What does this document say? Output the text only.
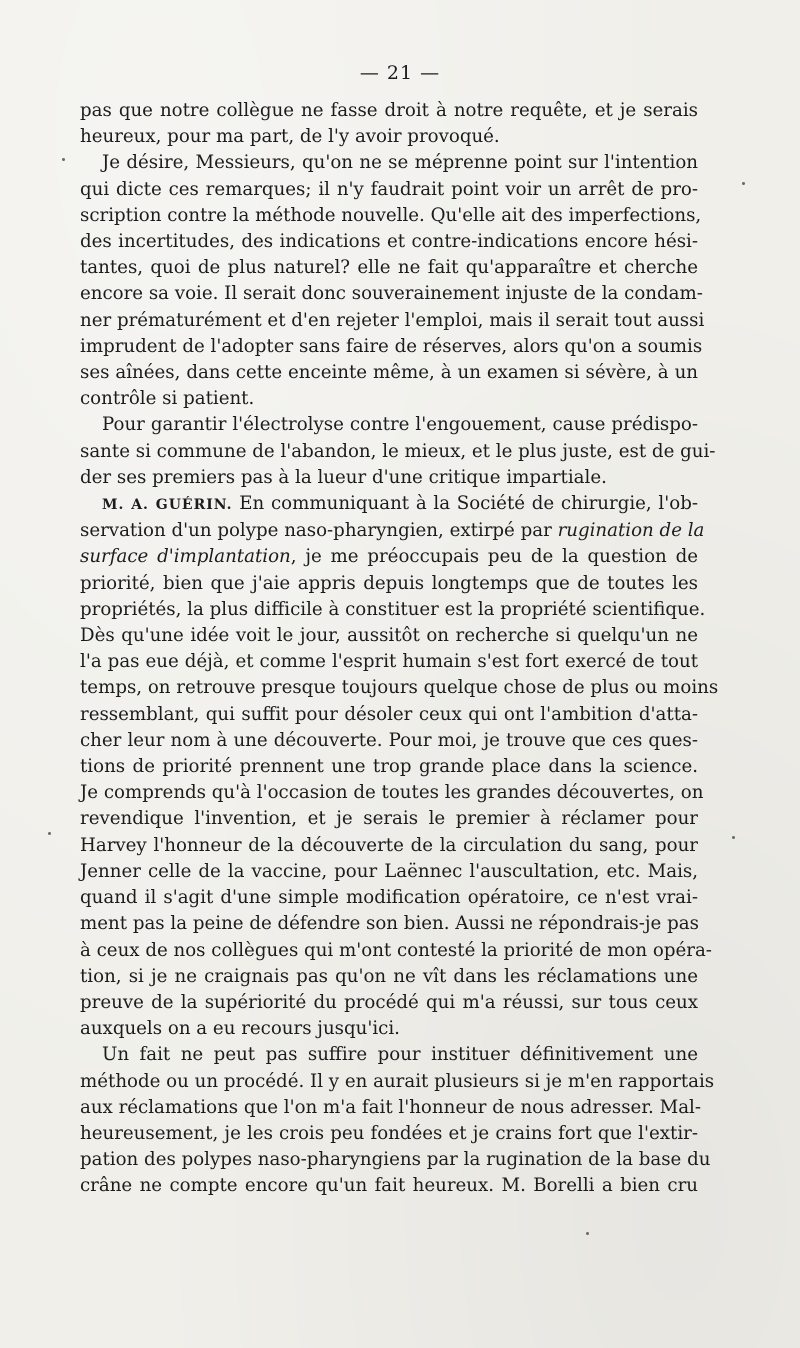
— 21 —

pas que notre collègue ne fasse droit à notre requête, et je serais
heureux, pour ma part, de l'y avoir provoqué.

Je désire, Messieurs, qu'on ne se méprenne point sur l'intention
qui dicte ces remarques; il n'y faudrait point voir un arrêt de pro-
scription contre la méthode nouvelle. Qu'elle ait des imperfections,
des incertitudes, des indications et contre-indications encore hési-
tantes, quoi de plus naturel? elle ne fait qu'apparaître et cherche
encore sa voie. Il serait donc souverainement injuste de la condam-
ner prématurément et d'en rejeter l'emploi, mais il serait tout aussi
imprudent de l'adopter sans faire de réserves, alors qu'on a soumis
ses aînées, dans cette enceinte même, à un examen si sévère, à un
contrôle si patient.

Pour garantir l'électrolyse contre l'engouement, cause prédispo-
sante si commune de l'abandon, le mieux, et le plus juste, est de gui-
der ses premiers pas à la lueur d'une critique impartiale.

M. A. GUÉRIN. En communiquant à la Société de chirurgie, l'ob-
servation d'un polype naso-pharyngien, extirpé par rugination de la
surface d'implantation, je me préoccupais peu de la question de
priorité, bien que j'aie appris depuis longtemps que de toutes les
propriétés, la plus difficile à constituer est la propriété scientifique.
Dès qu'une idée voit le jour, aussitôt on recherche si quelqu'un ne
l'a pas eue déjà, et comme l'esprit humain s'est fort exercé de tout
temps, on retrouve presque toujours quelque chose de plus ou moins
ressemblant, qui suffit pour désoler ceux qui ont l'ambition d'atta-
cher leur nom à une découverte. Pour moi, je trouve que ces ques-
tions de priorité prennent une trop grande place dans la science.
Je comprends qu'à l'occasion de toutes les grandes découvertes, on
revendique l'invention, et je serais le premier à réclamer pour
Harvey l'honneur de la découverte de la circulation du sang, pour
Jenner celle de la vaccine, pour Laënnec l'auscultation, etc. Mais,
quand il s'agit d'une simple modification opératoire, ce n'est vrai-
ment pas la peine de défendre son bien. Aussi ne répondrais-je pas
à ceux de nos collègues qui m'ont contesté la priorité de mon opéra-
tion, si je ne craignais pas qu'on ne vît dans les réclamations une
preuve de la supériorité du procédé qui m'a réussi, sur tous ceux
auxquels on a eu recours jusqu'ici.

Un fait ne peut pas suffire pour instituer définitivement une
méthode ou un procédé. Il y en aurait plusieurs si je m'en rapportais
aux réclamations que l'on m'a fait l'honneur de nous adresser. Mal-
heureusement, je les crois peu fondées et je crains fort que l'extir-
pation des polypes naso-pharyngiens par la rugination de la base du
crâne ne compte encore qu'un fait heureux. M. Borelli a bien cru
